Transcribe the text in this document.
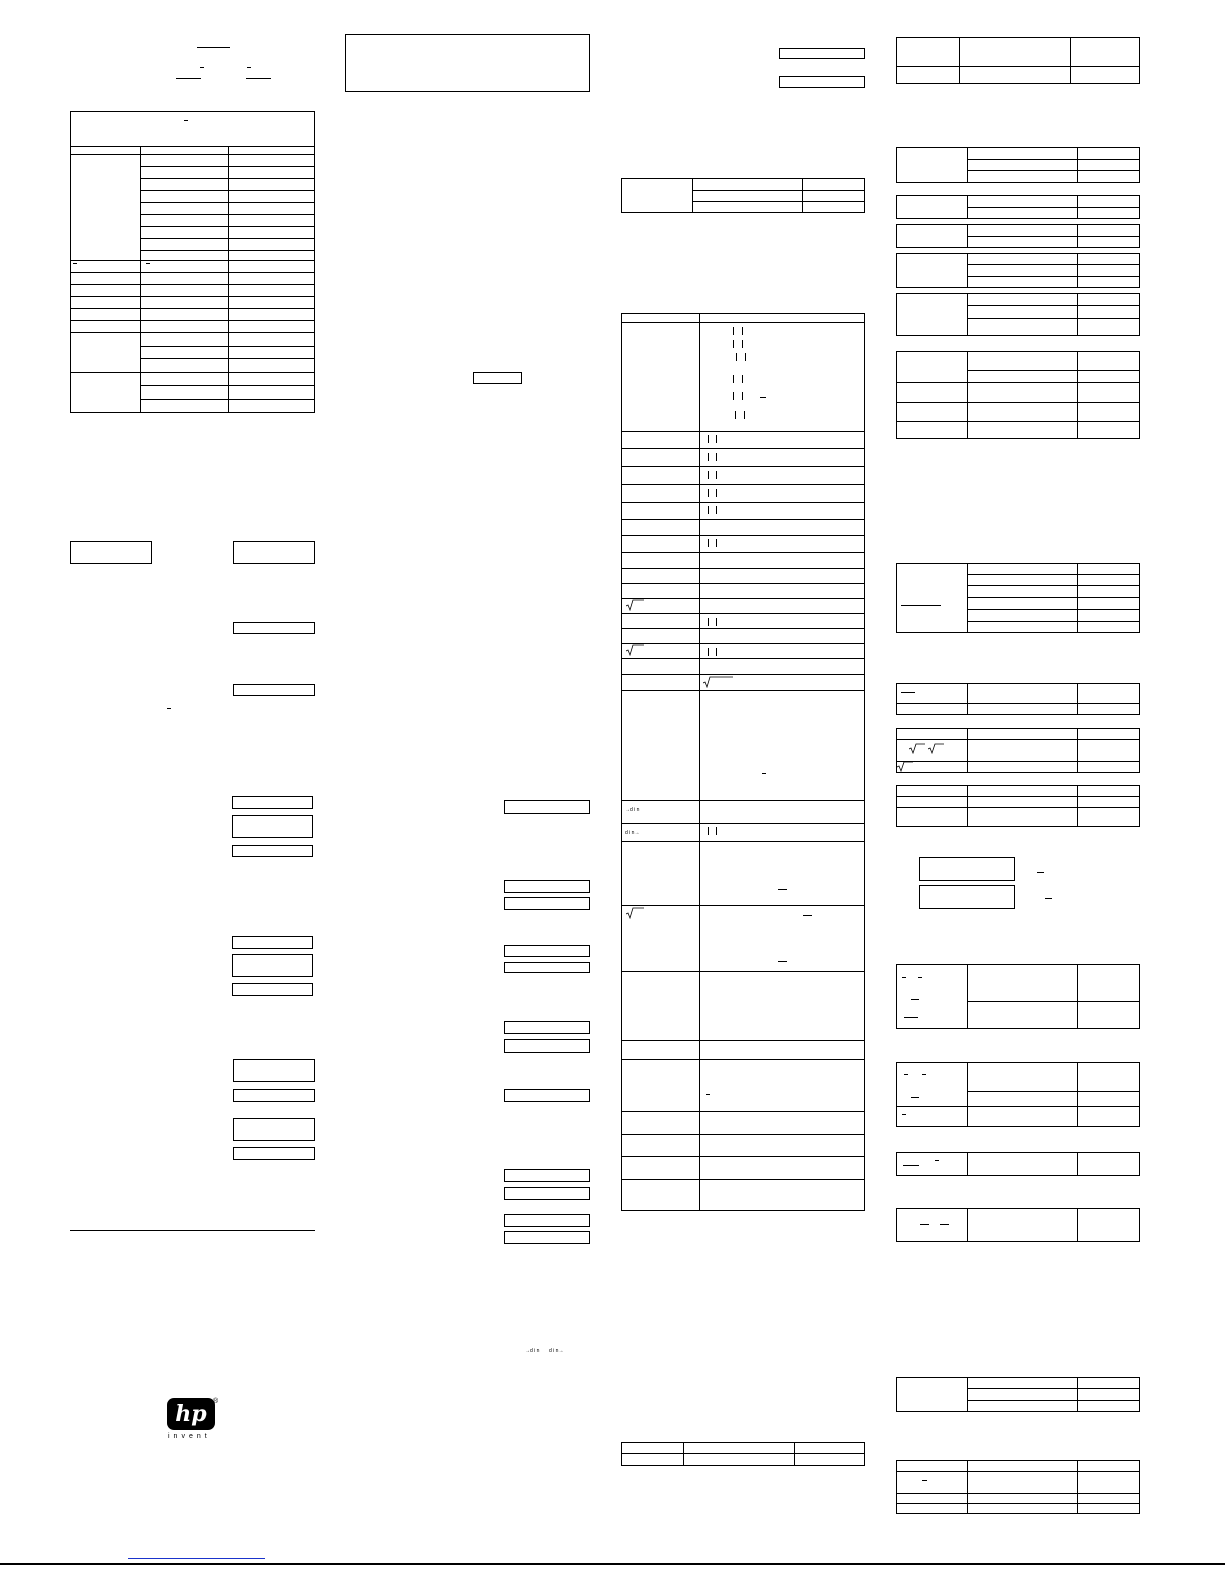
hp ®
invent
→d i n d i n→
→d i n
d i n→
